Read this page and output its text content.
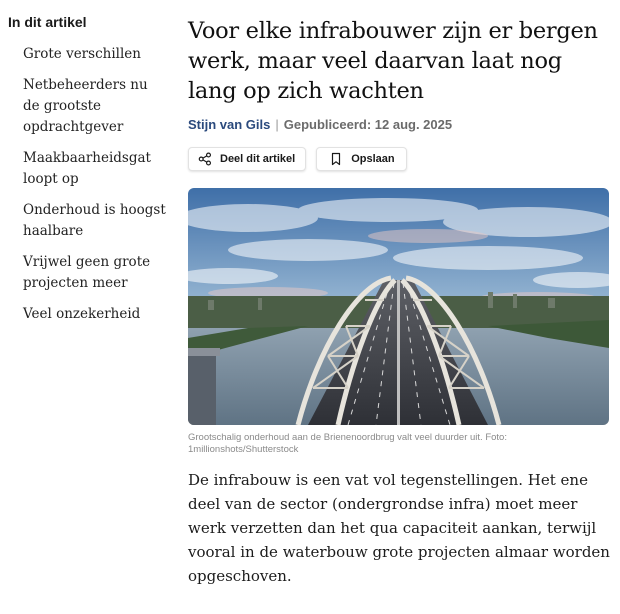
In dit artikel
Grote verschillen
Netbeheerders nu de grootste opdrachtgever
Maakbaarheidsgat loopt op
Onderhoud is hoogst haalbare
Vrijwel geen grote projecten meer
Veel onzekerheid
Voor elke infrabouwer zijn er bergen werk, maar veel daarvan laat nog lang op zich wachten
Stijn van Gils | Gepubliceerd: 12 aug. 2025
Deel dit artikel	Opslaan

Grootschalig onderhoud aan de Brienenoordbrug valt veel duurder uit. Foto: 1millionshots/Shutterstock

De infrabouw is een vat vol tegenstellingen. Het ene deel van de sector (ondergrondse infra) moet meer werk verzetten dan het qua capaciteit aankan, terwijl vooral in de waterbouw grote projecten almaar worden opgeschoven.
